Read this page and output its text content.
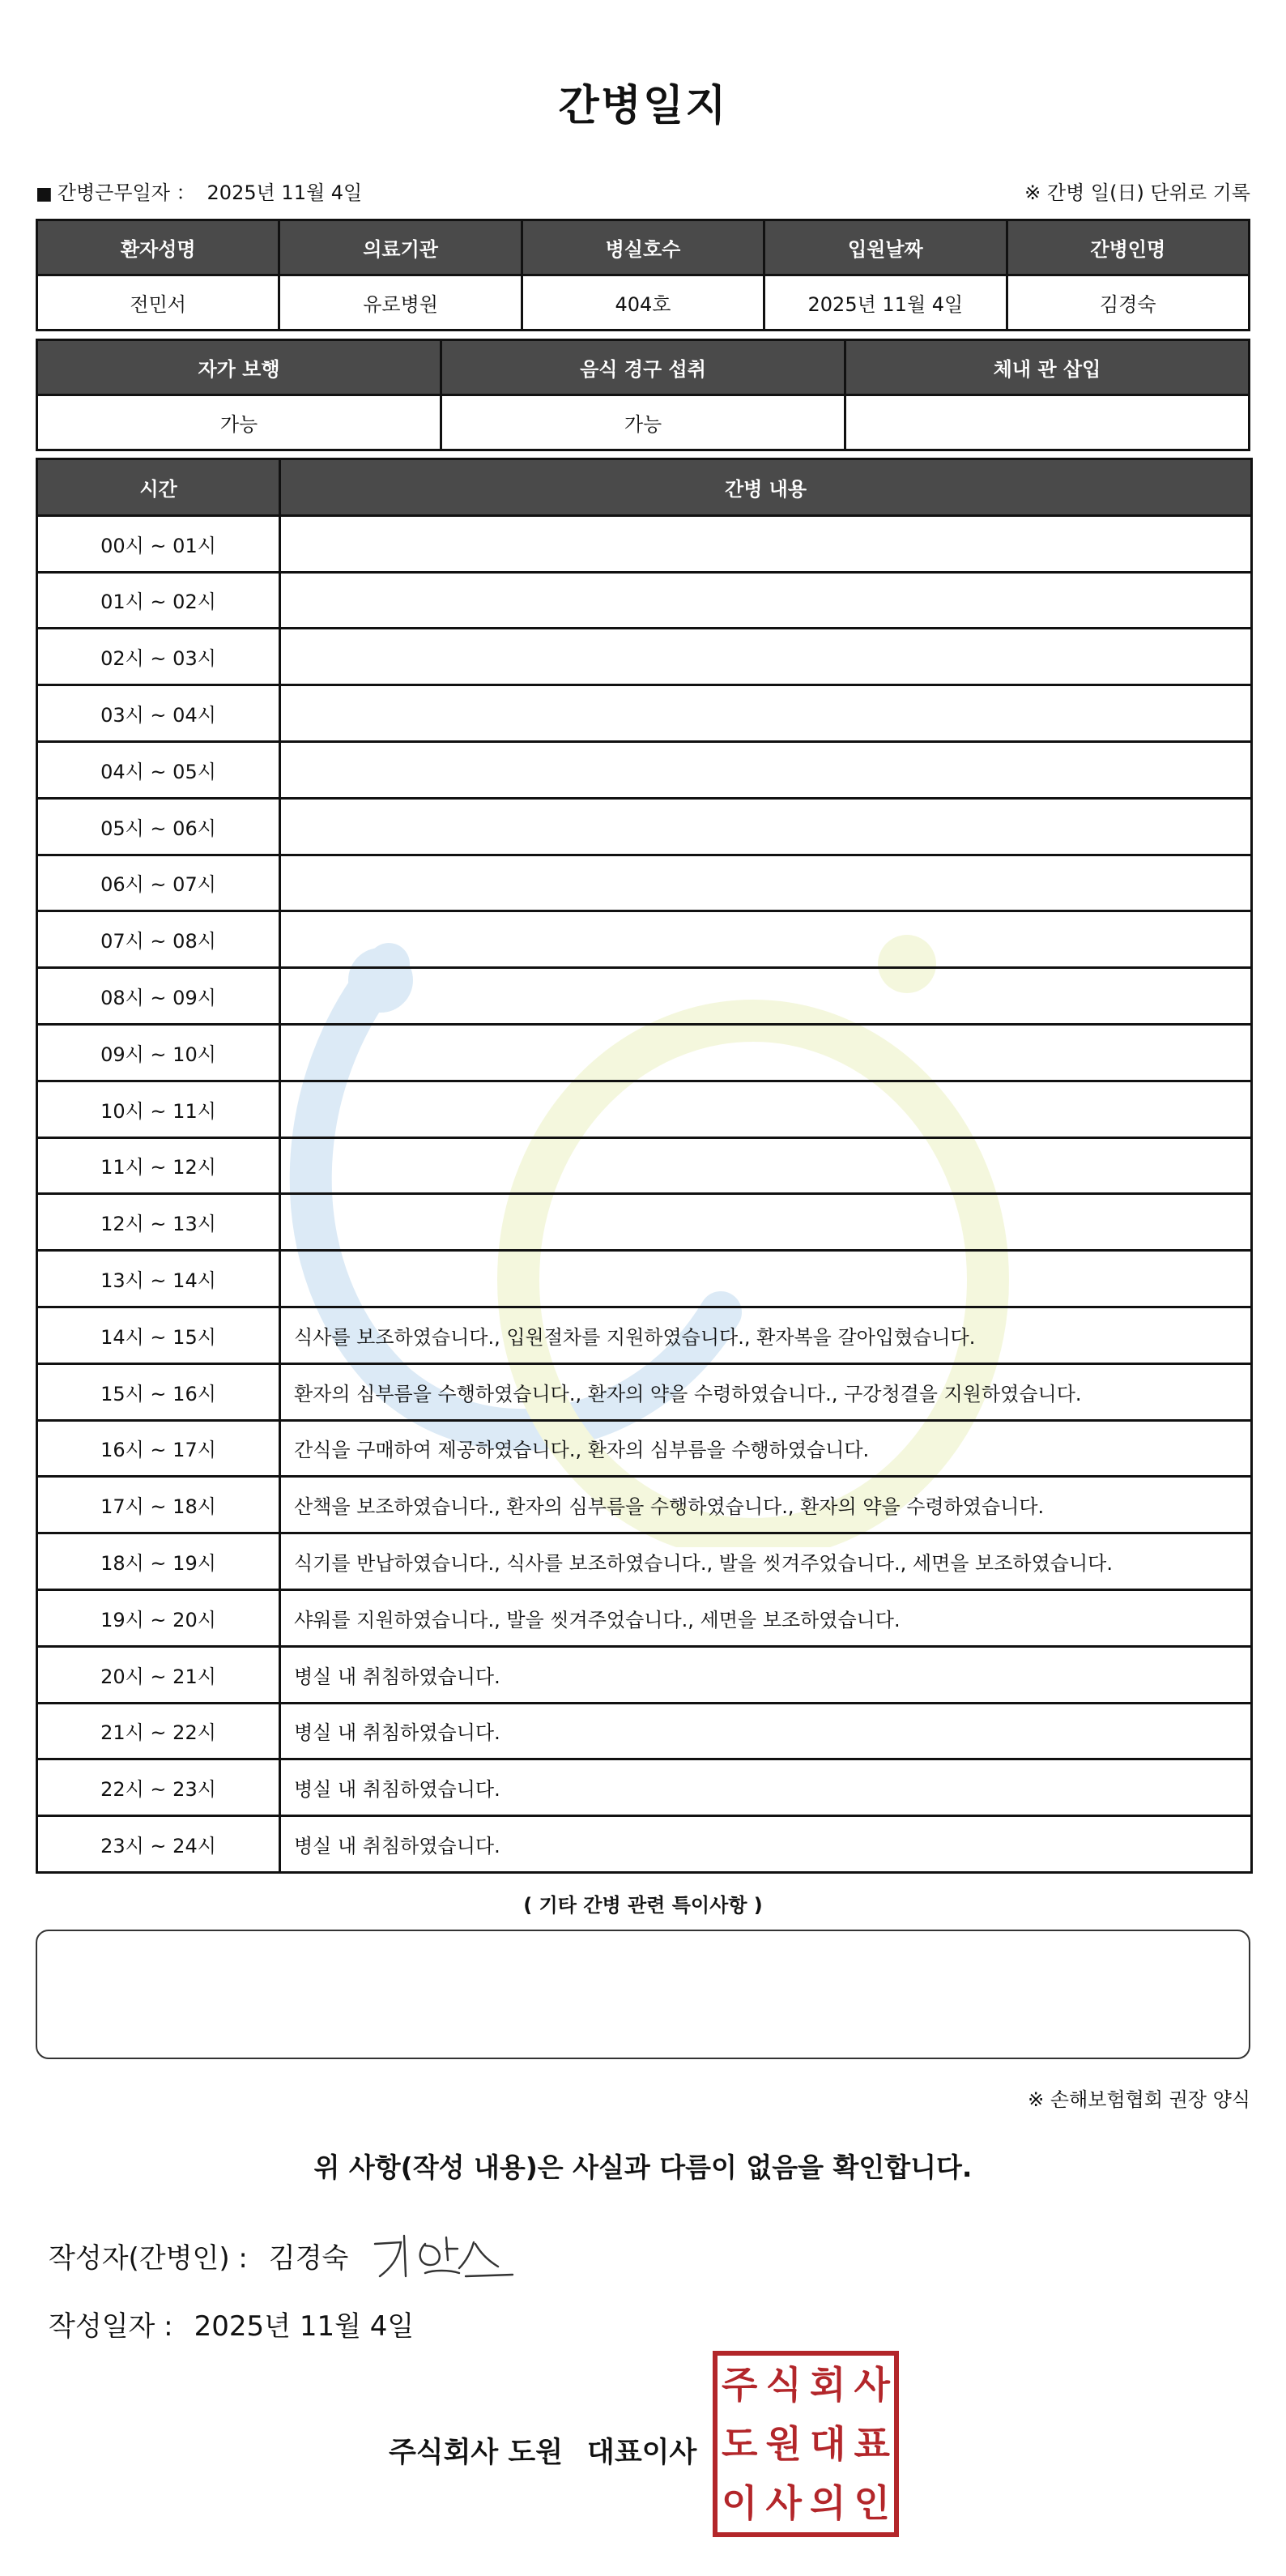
간병일지
■ 간병근무일자 ： 2025년 11월 4일	※ 간병 일(日) 단위로 기록
환자성명	의료기관	병실호수	입원날짜	간병인명
전민서	유로병원	404호	2025년 11월 4일	김경숙
자가 보행	음식 경구 섭취	체내 관 삽입
가능	가능	
시간	간병 내용
00시 ~ 01시	
01시 ~ 02시	
02시 ~ 03시	
03시 ~ 04시	
04시 ~ 05시	
05시 ~ 06시	
06시 ~ 07시	
07시 ~ 08시	
08시 ~ 09시	
09시 ~ 10시	
10시 ~ 11시	
11시 ~ 12시	
12시 ~ 13시	
13시 ~ 14시	
14시 ~ 15시	식사를 보조하였습니다., 입원절차를 지원하였습니다., 환자복을 갈아입혔습니다.
15시 ~ 16시	환자의 심부름을 수행하였습니다., 환자의 약을 수령하였습니다., 구강청결을 지원하였습니다.
16시 ~ 17시	간식을 구매하여 제공하였습니다., 환자의 심부름을 수행하였습니다.
17시 ~ 18시	산책을 보조하였습니다., 환자의 심부름을 수행하였습니다., 환자의 약을 수령하였습니다.
18시 ~ 19시	식기를 반납하였습니다., 식사를 보조하였습니다., 발을 씻겨주었습니다., 세면을 보조하였습니다.
19시 ~ 20시	샤워를 지원하였습니다., 발을 씻겨주었습니다., 세면을 보조하였습니다.
20시 ~ 21시	병실 내 취침하였습니다.
21시 ~ 22시	병실 내 취침하였습니다.
22시 ~ 23시	병실 내 취침하였습니다.
23시 ~ 24시	병실 내 취침하였습니다.
( 기타 간병 관련 특이사항 )
※ 손해보험협회 권장 양식
위 사항(작성 내용)은 사실과 다름이 없음을 확인합니다.
작성자(간병인) : 김경숙
작성일자 : 2025년 11월 4일
주식회사 도원 대표이사
주 식 회 사
도 원 대 표
이 사 의 인
